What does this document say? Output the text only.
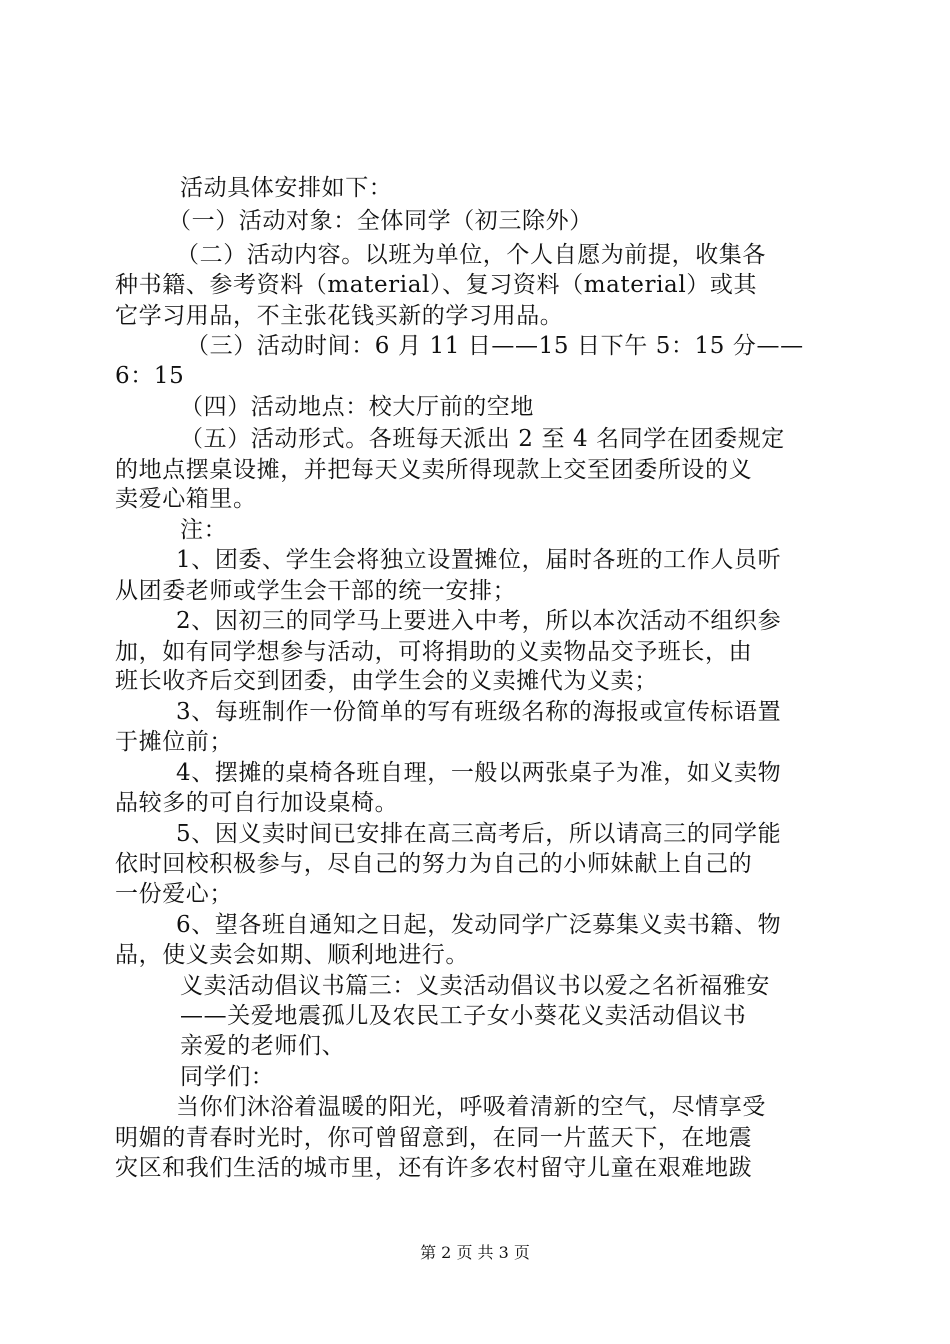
活动具体安排如下：
（一）活动对象：全体同学（初三除外）
（二）活动内容。以班为单位，个人自愿为前提，收集各
种书籍、参考资料（material）、复习资料（material）或其
它学习用品，不主张花钱买新的学习用品。
（三）活动时间：6 月 11 日——15 日下午 5：15 分——
6：15
（四）活动地点：校大厅前的空地
（五）活动形式。各班每天派出 2 至 4 名同学在团委规定
的地点摆桌设摊，并把每天义卖所得现款上交至团委所设的义
卖爱心箱里。
注：
1、团委、学生会将独立设置摊位，届时各班的工作人员听
从团委老师或学生会干部的统一安排；
2、因初三的同学马上要进入中考，所以本次活动不组织参
加，如有同学想参与活动，可将捐助的义卖物品交予班长，由
班长收齐后交到团委，由学生会的义卖摊代为义卖；
3、每班制作一份简单的写有班级名称的海报或宣传标语置
于摊位前；
4、摆摊的桌椅各班自理，一般以两张桌子为准，如义卖物
品较多的可自行加设桌椅。
5、因义卖时间已安排在高三高考后，所以请高三的同学能
依时回校积极参与，尽自己的努力为自己的小师妹献上自己的
一份爱心；
6、望各班自通知之日起，发动同学广泛募集义卖书籍、物
品，使义卖会如期、顺利地进行。
义卖活动倡议书篇三：义卖活动倡议书以爱之名祈福雅安
——关爱地震孤儿及农民工子女小葵花义卖活动倡议书
亲爱的老师们、
同学们：
当你们沐浴着温暖的阳光，呼吸着清新的空气，尽情享受
明媚的青春时光时，你可曾留意到，在同一片蓝天下，在地震
灾区和我们生活的城市里，还有许多农村留守儿童在艰难地跋
第 2 页 共 3 页
